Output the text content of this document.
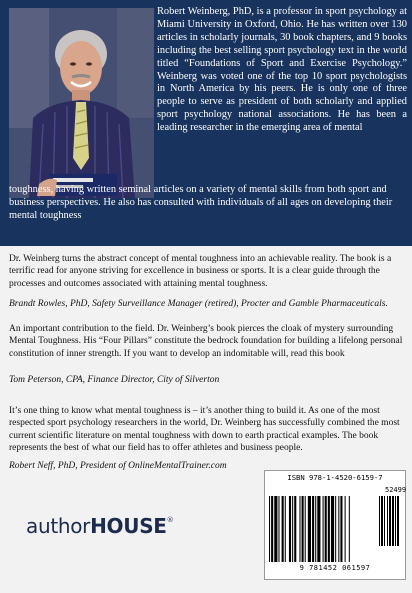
Robert Weinberg, PhD, is a professor in sport psychology at Miami University in Oxford, Ohio. He has written over 130 articles in scholarly journals, 30 book chapters, and 9 books including the best selling sport psychology text in the world titled “Foundations of Sport and Exercise Psychology.” Weinberg was voted one of the top 10 sport psychologists in North America by his peers. He is only one of three people to serve as president of both scholarly and applied sport psychology national associations. He has been a leading researcher in the emerging area of mental

toughness, having written seminal articles on a variety of mental skills from both sport and business perspectives. He also has consulted with individuals of all ages on developing their mental toughness

Dr. Weinberg turns the abstract concept of mental toughness into an achievable reality. The book is a terrific read for anyone striving for excellence in business or sports. It is a clear guide through the processes and outcomes associated with attaining mental toughness.

Brandt Rowles, PhD, Safety Surveillance Manager (retired), Procter and Gamble Pharmaceuticals.

An important contribution to the field. Dr. Weinberg’s book pierces the cloak of mystery surrounding Mental Toughness. His “Four Pillars” constitute the bedrock foundation for building a lifelong personal constitution of inner strength. If you want to develop an indomitable will, read this book

Tom Peterson, CPA, Finance Director, City of Silverton

It’s one thing to know what mental toughness is – it’s another thing to build it. As one of the most respected sport psychology researchers in the world, Dr. Weinberg has successfully combined the most current scientific literature on mental toughness with down to earth practical examples. The book represents the best of what our field has to offer athletes and business people.

Robert Neff, PhD, President of OnlineMentalTrainer.com

authorHOUSE®
ISBN 978-1-4520-6159-7
52499
9 781452 061597
